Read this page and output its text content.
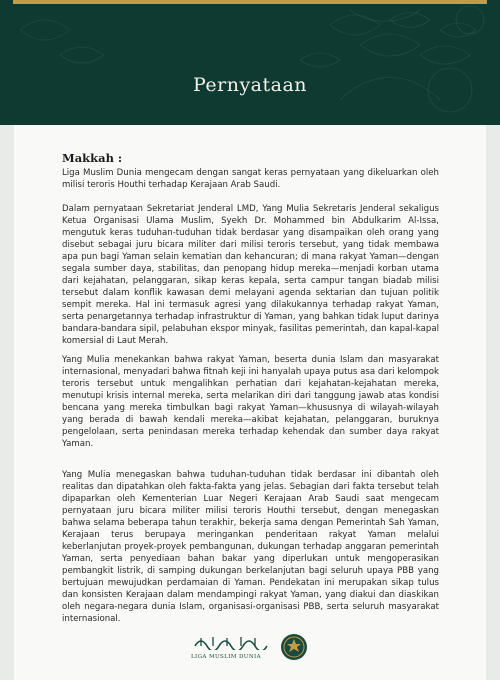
Pernyataan
Makkah :

Liga Muslim Dunia mengecam dengan sangat keras pernyataan yang dikeluarkan oleh milisi teroris Houthi terhadap Kerajaan Arab Saudi.

Dalam pernyataan Sekretariat Jenderal LMD, Yang Mulia Sekretaris Jenderal sekaligus Ketua Organisasi Ulama Muslim, Syekh Dr. Mohammed bin Abdulkarim Al-Issa, mengutuk keras tuduhan-tuduhan tidak berdasar yang disampaikan oleh orang yang disebut sebagai juru bicara militer dari milisi teroris tersebut, yang tidak membawa apa pun bagi Yaman selain kematian dan kehancuran; di mana rakyat Yaman—dengan segala sumber daya, stabilitas, dan penopang hidup mereka—menjadi korban utama dari kejahatan, pelanggaran, sikap keras kepala, serta campur tangan biadab milisi tersebut dalam konflik kawasan demi melayani agenda sektarian dan tujuan politik sempit mereka. Hal ini termasuk agresi yang dilakukannya terhadap rakyat Yaman, serta penargetannya terhadap infrastruktur di Yaman, yang bahkan tidak luput darinya bandara-bandara sipil, pelabuhan ekspor minyak, fasilitas pemerintah, dan kapal-kapal komersial di Laut Merah.

Yang Mulia menekankan bahwa rakyat Yaman, beserta dunia Islam dan masyarakat internasional, menyadari bahwa fitnah keji ini hanyalah upaya putus asa dari kelompok teroris tersebut untuk mengalihkan perhatian dari kejahatan-kejahatan mereka, menutupi krisis internal mereka, serta melarikan diri dari tanggung jawab atas kondisi bencana yang mereka timbulkan bagi rakyat Yaman—khususnya di wilayah-wilayah yang berada di bawah kendali mereka—akibat kejahatan, pelanggaran, buruknya pengelolaan, serta penindasan mereka terhadap kehendak dan sumber daya rakyat Yaman.

Yang Mulia menegaskan bahwa tuduhan-tuduhan tidak berdasar ini dibantah oleh realitas dan dipatahkan oleh fakta-fakta yang jelas. Sebagian dari fakta tersebut telah dipaparkan oleh Kementerian Luar Negeri Kerajaan Arab Saudi saat mengecam pernyataan juru bicara militer milisi teroris Houthi tersebut, dengan menegaskan bahwa selama beberapa tahun terakhir, bekerja sama dengan Pemerintah Sah Yaman, Kerajaan terus berupaya meringankan penderitaan rakyat Yaman melalui keberlanjutan proyek-proyek pembangunan, dukungan terhadap anggaran pemerintah Yaman, serta penyediaan bahan bakar yang diperlukan untuk mengoperasikan pembangkit listrik, di samping dukungan berkelanjutan bagi seluruh upaya PBB yang bertujuan mewujudkan perdamaian di Yaman. Pendekatan ini merupakan sikap tulus dan konsisten Kerajaan dalam mendampingi rakyat Yaman, yang diakui dan diaskikan oleh negara-negara dunia Islam, organisasi-organisasi PBB, serta seluruh masyarakat internasional.

LIGA MUSLIM DUNIA
